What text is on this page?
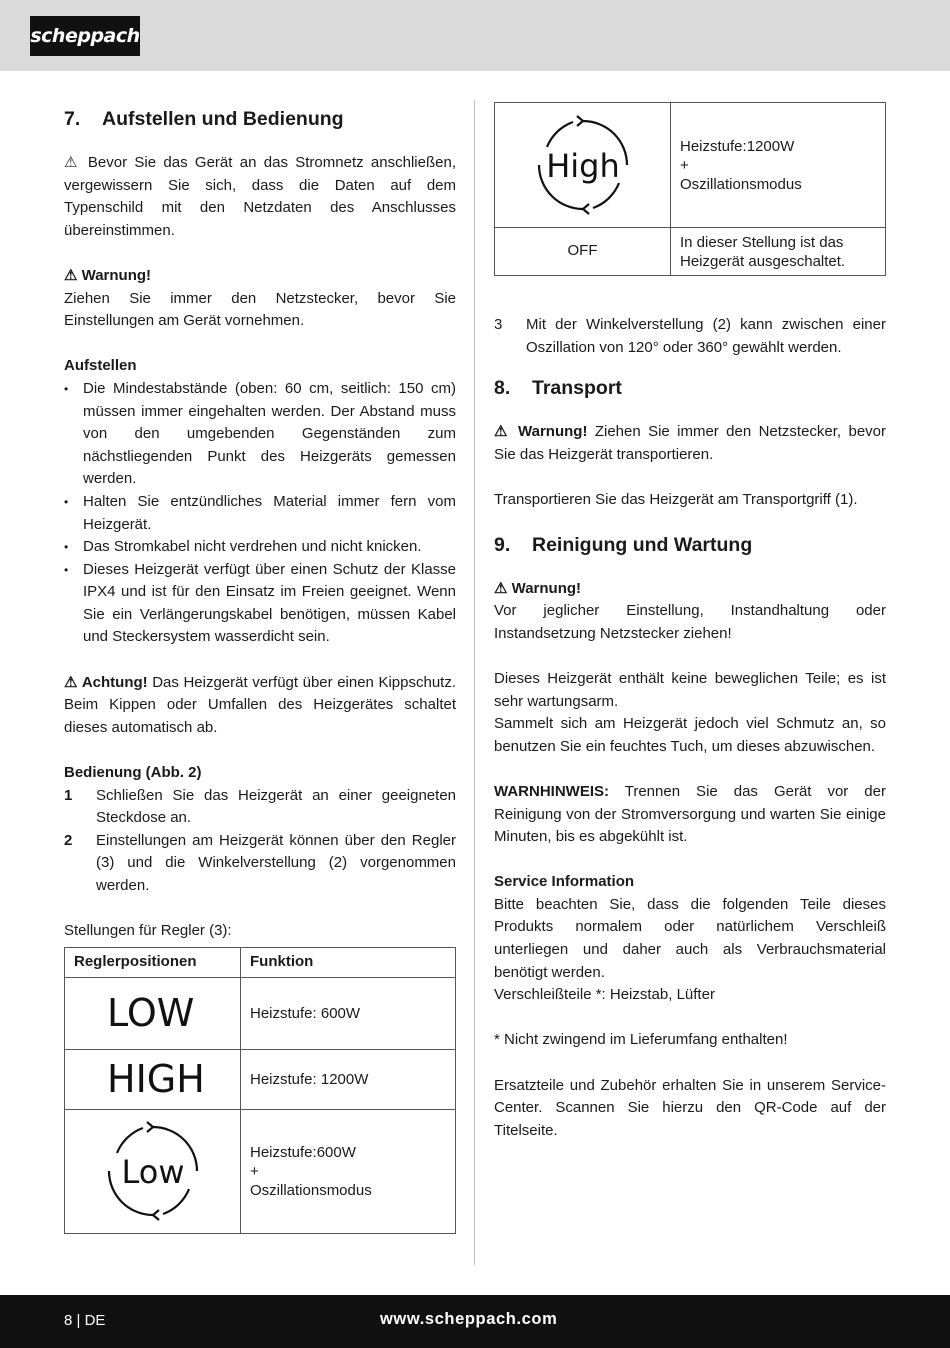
scheppach
7.	Aufstellen und Bedienung

⚠ Bevor Sie das Gerät an das Stromnetz anschließen, vergewissern Sie sich, dass die Daten auf dem Typenschild mit den Netzdaten des Anschlusses übereinstimmen.

⚠ Warnung!

Ziehen Sie immer den Netzstecker, bevor Sie Einstellungen am Gerät vornehmen.

Aufstellen

• Die Mindestabstände (oben: 60 cm, seitlich: 150 cm) müssen immer eingehalten werden. Der Abstand muss von den umgebenden Gegenständen zum nächstliegenden Punkt des Heizgeräts gemessen werden.
• Halten Sie entzündliches Material immer fern vom Heizgerät.
• Das Stromkabel nicht verdrehen und nicht knicken.
• Dieses Heizgerät verfügt über einen Schutz der Klasse IPX4 und ist für den Einsatz im Freien geeignet. Wenn Sie ein Verlängerungskabel benötigen, müssen Kabel und Steckersystem wasserdicht sein.

⚠ Achtung! Das Heizgerät verfügt über einen Kippschutz. Beim Kippen oder Umfallen des Heizgerätes schaltet dieses automatisch ab.

Bedienung (Abb. 2)

1	Schließen Sie das Heizgerät an einer geeigneten Steckdose an.
2	Einstellungen am Heizgerät können über den Regler (3) und die Winkelverstellung (2) vorgenommen werden.

Stellungen für Regler (3):

Reglerpositionen	Funktion

LOW	Heizstufe: 600W

HIGH	Heizstufe: 1200W

Low	Heizstufe:600W
+
Oszillationsmodus
High	Heizstufe:1200W
+
Oszillationsmodus

OFF	In dieser Stellung ist das Heizgerät ausgeschaltet.
3	Mit der Winkelverstellung (2) kann zwischen einer Oszillation von 120° oder 360° gewählt werden.
8.	Transport

⚠ Warnung! Ziehen Sie immer den Netzstecker, bevor Sie das Heizgerät transportieren.

Transportieren Sie das Heizgerät am Transportgriff (1).

9.	Reinigung und Wartung

⚠ Warnung!

Vor jeglicher Einstellung, Instandhaltung oder Instandsetzung Netzstecker ziehen!

Dieses Heizgerät enthält keine beweglichen Teile; es ist sehr wartungsarm.

Sammelt sich am Heizgerät jedoch viel Schmutz an, so benutzen Sie ein feuchtes Tuch, um dieses abzuwischen.

WARNHINWEIS: Trennen Sie das Gerät vor der Reinigung von der Stromversorgung und warten Sie einige Minuten, bis es abgekühlt ist.

Service Information

Bitte beachten Sie, dass die folgenden Teile dieses Produkts normalem oder natürlichem Verschleiß unterliegen und daher auch als Verbrauchsmaterial benötigt werden.

Verschleißteile *: Heizstab, Lüfter

* Nicht zwingend im Lieferumfang enthalten!

Ersatzteile und Zubehör erhalten Sie in unserem Service-Center. Scannen Sie hierzu den QR-Code auf der Titelseite.

8 | DE	www.scheppach.com
